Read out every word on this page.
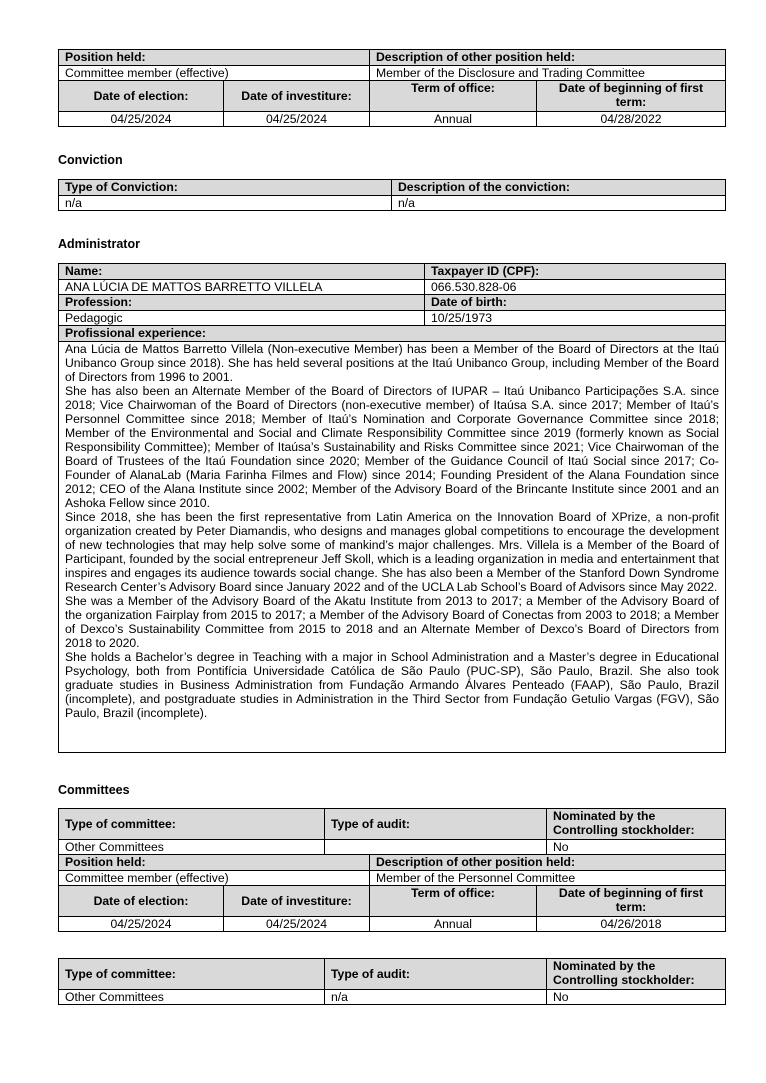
Position held:	Description of other position held:
Committee member (effective)	Member of the Disclosure and Trading Committee
Date of election:	Date of investiture:	Term of office:	Date of beginning of first term:
04/25/2024	04/25/2024	Annual	04/28/2022
Conviction
Type of Conviction:	Description of the conviction:
n/a	n/a
Administrator
Name:	Taxpayer ID (CPF):
ANA LÚCIA DE MATTOS BARRETTO VILLELA	066.530.828-06
Profession:	Date of birth:
Pedagogic	10/25/1973
Profissional experience:	

Ana Lúcia de Mattos Barretto Villela (Non-executive Member) has been a Member of the Board of Directors at the Itaú Unibanco Group since 2018). She has held several positions at the Itaú Unibanco Group, including Member of the Board of Directors from 1996 to 2001.

She has also been an Alternate Member of the Board of Directors of IUPAR – Itaú Unibanco Participações S.A. since 2018; Vice Chairwoman of the Board of Directors (non-executive member) of Itaúsa S.A. since 2017; Member of Itaú’s Personnel Committee since 2018; Member of Itaú’s Nomination and Corporate Governance Committee since 2018; Member of the Environmental and Social and Climate Responsibility Committee since 2019 (formerly known as Social Responsibility Committee); Member of Itaúsa’s Sustainability and Risks Committee since 2021; Vice Chairwoman of the Board of Trustees of the Itaú Foundation since 2020; Member of the Guidance Council of Itaú Social since 2017; Co-Founder of AlanaLab (Maria Farinha Filmes and Flow) since 2014; Founding President of the Alana Foundation since 2012; CEO of the Alana Institute since 2002; Member of the Advisory Board of the Brincante Institute since 2001 and an Ashoka Fellow since 2010.

Since 2018, she has been the first representative from Latin America on the Innovation Board of XPrize, a non-profit organization created by Peter Diamandis, who designs and manages global competitions to encourage the development of new technologies that may help solve some of mankind’s major challenges. Mrs. Villela is a Member of the Board of Participant, founded by the social entrepreneur Jeff Skoll, which is a leading organization in media and entertainment that inspires and engages its audience towards social change. She has also been a Member of the Stanford Down Syndrome Research Center’s Advisory Board since January 2022 and of the UCLA Lab School’s Board of Advisors since May 2022.

She was a Member of the Advisory Board of the Akatu Institute from 2013 to 2017; a Member of the Advisory Board of the organization Fairplay from 2015 to 2017; a Member of the Advisory Board of Conectas from 2003 to 2018; a Member of Dexco’s Sustainability Committee from 2015 to 2018 and an Alternate Member of Dexco’s Board of Directors from 2018 to 2020.

She holds a Bachelor’s degree in Teaching with a major in School Administration and a Master’s degree in Educational Psychology, both from Pontifícia Universidade Católica de São Paulo (PUC-SP), São Paulo, Brazil. She also took graduate studies in Business Administration from Fundação Armando Álvares Penteado (FAAP), São Paulo, Brazil (incomplete), and postgraduate studies in Administration in the Third Sector from Fundação Getulio Vargas (FGV), São Paulo, Brazil (incomplete).	

Committees
Type of committee:	Type of audit:	Nominated by the Controlling stockholder:
Other Committees		No
Position held:	Description of other position held:
Committee member (effective)	Member of the Personnel Committee
Date of election:	Date of investiture:	Term of office:	Date of beginning of first term:
04/25/2024	04/25/2024	Annual	04/26/2018
Type of committee:	Type of audit:	Nominated by the Controlling stockholder:
Other Committees	n/a	No
